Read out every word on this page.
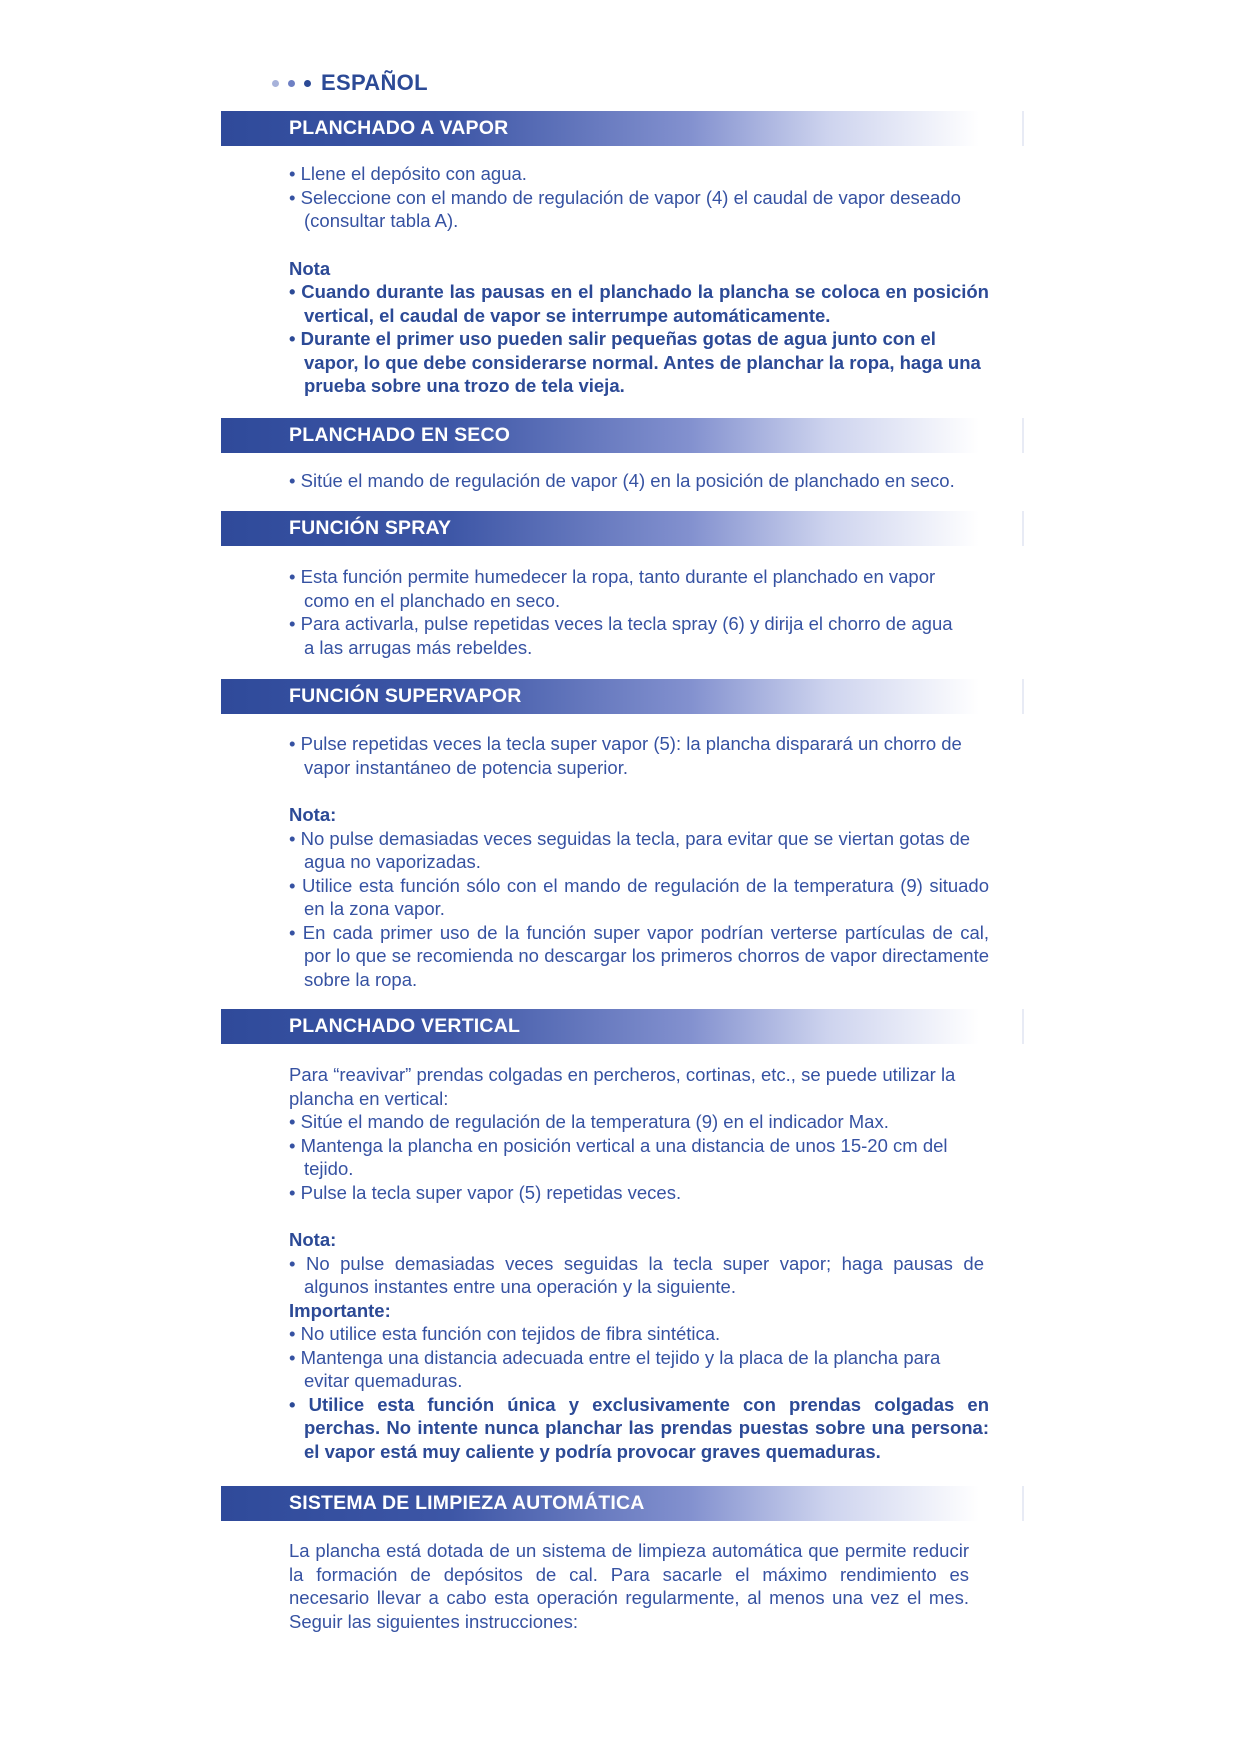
ESPAÑOL
PLANCHADO A VAPOR

• Llene el depósito con agua.

• Seleccione con el mando de regulación de vapor (4) el caudal de vapor deseado (consultar tabla A).

Nota

• Cuando durante las pausas en el planchado la plancha se coloca en posición vertical, el caudal de vapor se interrumpe automáticamente.

• Durante el primer uso pueden salir pequeñas gotas de agua junto con el vapor, lo que debe considerarse normal. Antes de planchar la ropa, haga una prueba sobre una trozo de tela vieja.

PLANCHADO EN SECO

• Sitúe el mando de regulación de vapor (4) en la posición de planchado en seco.

FUNCIÓN SPRAY

• Esta función permite humedecer la ropa, tanto durante el planchado en vapor como en el planchado en seco.

• Para activarla, pulse repetidas veces la tecla spray (6) y dirija el chorro de agua a las arrugas más rebeldes.

FUNCIÓN SUPERVAPOR

• Pulse repetidas veces la tecla super vapor (5): la plancha disparará un chorro de vapor instantáneo de potencia superior.

Nota:

• No pulse demasiadas veces seguidas la tecla, para evitar que se viertan gotas de agua no vaporizadas.

• Utilice esta función sólo con el mando de regulación de la temperatura (9) situado en la zona vapor.

• En cada primer uso de la función super vapor podrían verterse partículas de cal, por lo que se recomienda no descargar los primeros chorros de vapor directamente sobre la ropa.

PLANCHADO VERTICAL

Para “reavivar” prendas colgadas en percheros, cortinas, etc., se puede utilizar la plancha en vertical:

• Sitúe el mando de regulación de la temperatura (9) en el indicador Max.

• Mantenga la plancha en posición vertical a una distancia de unos 15-20 cm del tejido.

• Pulse la tecla super vapor (5) repetidas veces.

Nota:

• No pulse demasiadas veces seguidas la tecla super vapor; haga pausas de algunos instantes entre una operación y la siguiente.

Importante:

• No utilice esta función con tejidos de fibra sintética.

• Mantenga una distancia adecuada entre el tejido y la placa de la plancha para evitar quemaduras.

• Utilice esta función única y exclusivamente con prendas colgadas en perchas. No intente nunca planchar las prendas puestas sobre una persona: el vapor está muy caliente y podría provocar graves quemaduras.

SISTEMA DE LIMPIEZA AUTOMÁTICA

La plancha está dotada de un sistema de limpieza automática que permite reducir la formación de depósitos de cal. Para sacarle el máximo rendimiento es necesario llevar a cabo esta operación regularmente, al menos una vez el mes. Seguir las siguientes instrucciones:
